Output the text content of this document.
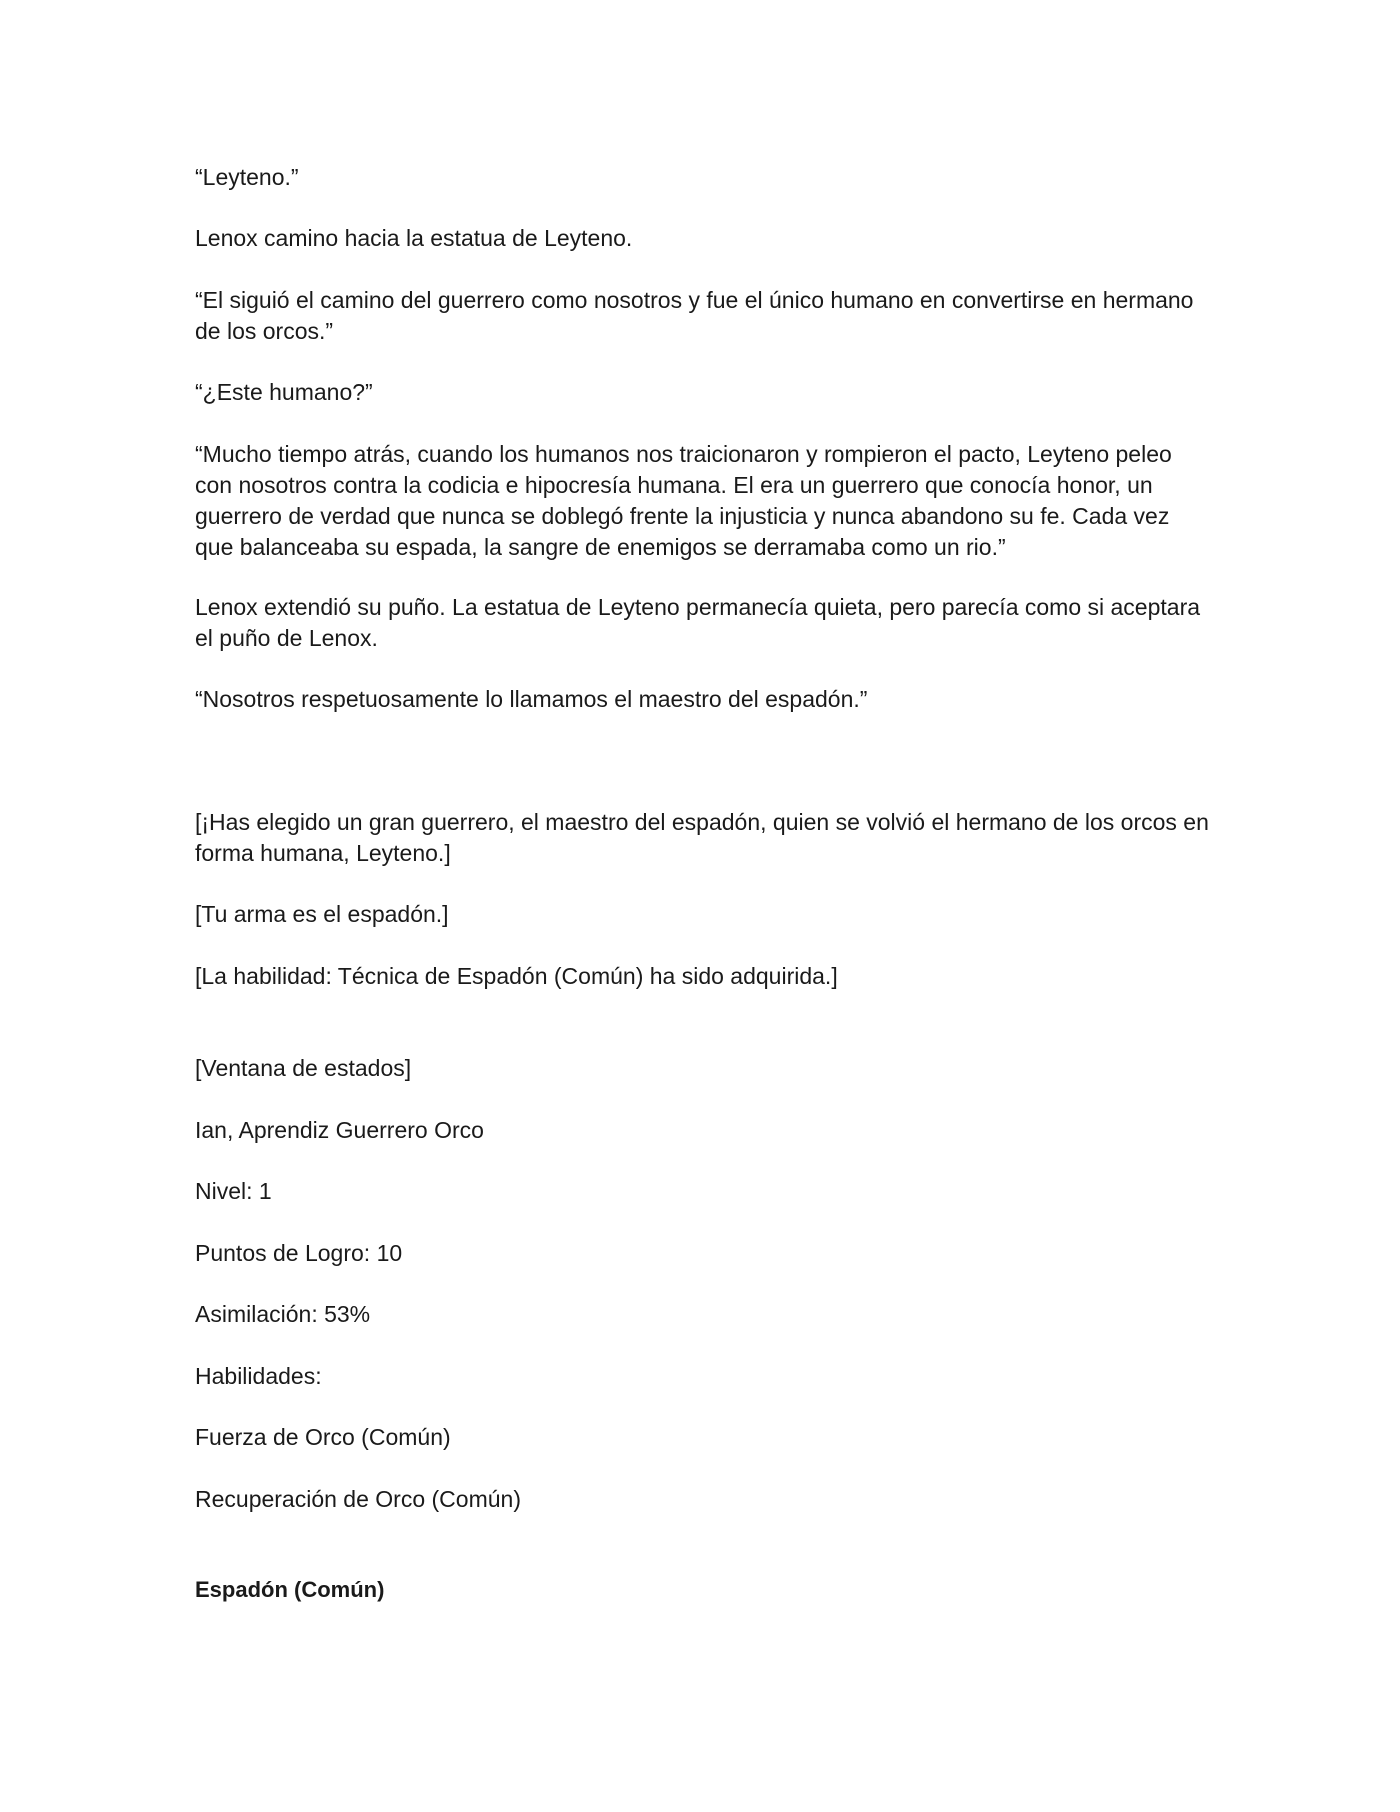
“Leyteno.”

Lenox camino hacia la estatua de Leyteno.

“El siguió el camino del guerrero como nosotros y fue el único humano en convertirse en hermano de los orcos.”

“¿Este humano?”

“Mucho tiempo atrás, cuando los humanos nos traicionaron y rompieron el pacto, Leyteno peleo con nosotros contra la codicia e hipocresía humana. El era un guerrero que conocía honor, un guerrero de verdad que nunca se doblegó frente la injusticia y nunca abandono su fe. Cada vez que balanceaba su espada, la sangre de enemigos se derramaba como un rio.”

Lenox extendió su puño. La estatua de Leyteno permanecía quieta, pero parecía como si aceptara el puño de Lenox.

“Nosotros respetuosamente lo llamamos el maestro del espadón.”

[¡Has elegido un gran guerrero, el maestro del espadón, quien se volvió el hermano de los orcos en forma humana, Leyteno.]

[Tu arma es el espadón.]

[La habilidad: Técnica de Espadón (Común) ha sido adquirida.]

[Ventana de estados]

Ian, Aprendiz Guerrero Orco

Nivel: 1

Puntos de Logro: 10

Asimilación: 53%

Habilidades:

Fuerza de Orco (Común)

Recuperación de Orco (Común)

Espadón (Común)
